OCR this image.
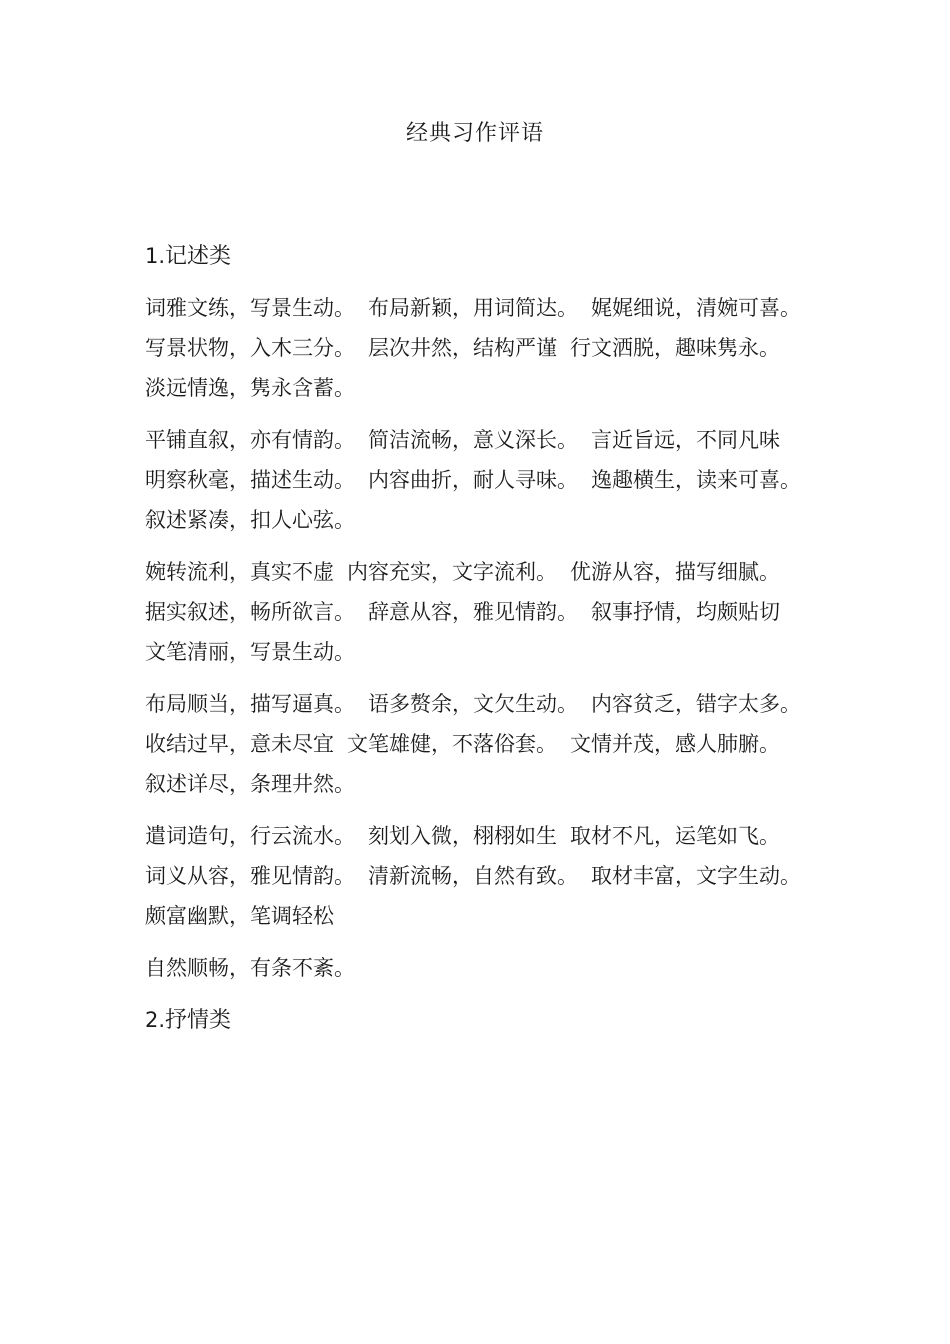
经典习作评语
1.记述类
词雅文练，写景生动。 布局新颖，用词简达。 娓娓细说，清婉可喜。
写景状物，入木三分。 层次井然，结构严谨 行文洒脱，趣味隽永。
淡远情逸，隽永含蓄。
平铺直叙，亦有情韵。 简洁流畅，意义深长。 言近旨远，不同凡味
明察秋毫，描述生动。 内容曲折，耐人寻味。 逸趣横生，读来可喜。
叙述紧凑，扣人心弦。
婉转流利，真实不虚 内容充实，文字流利。 优游从容，描写细腻。
据实叙述，畅所欲言。 辞意从容，雅见情韵。 叙事抒情，均颇贴切
文笔清丽，写景生动。
布局顺当，描写逼真。 语多赘余，文欠生动。 内容贫乏，错字太多。
收结过早，意未尽宜 文笔雄健，不落俗套。 文情并茂，感人肺腑。
叙述详尽，条理井然。
遣词造句，行云流水。 刻划入微，栩栩如生 取材不凡，运笔如飞。
词义从容，雅见情韵。 清新流畅，自然有致。 取材丰富，文字生动。
颇富幽默，笔调轻松
自然顺畅，有条不紊。
2.抒情类
